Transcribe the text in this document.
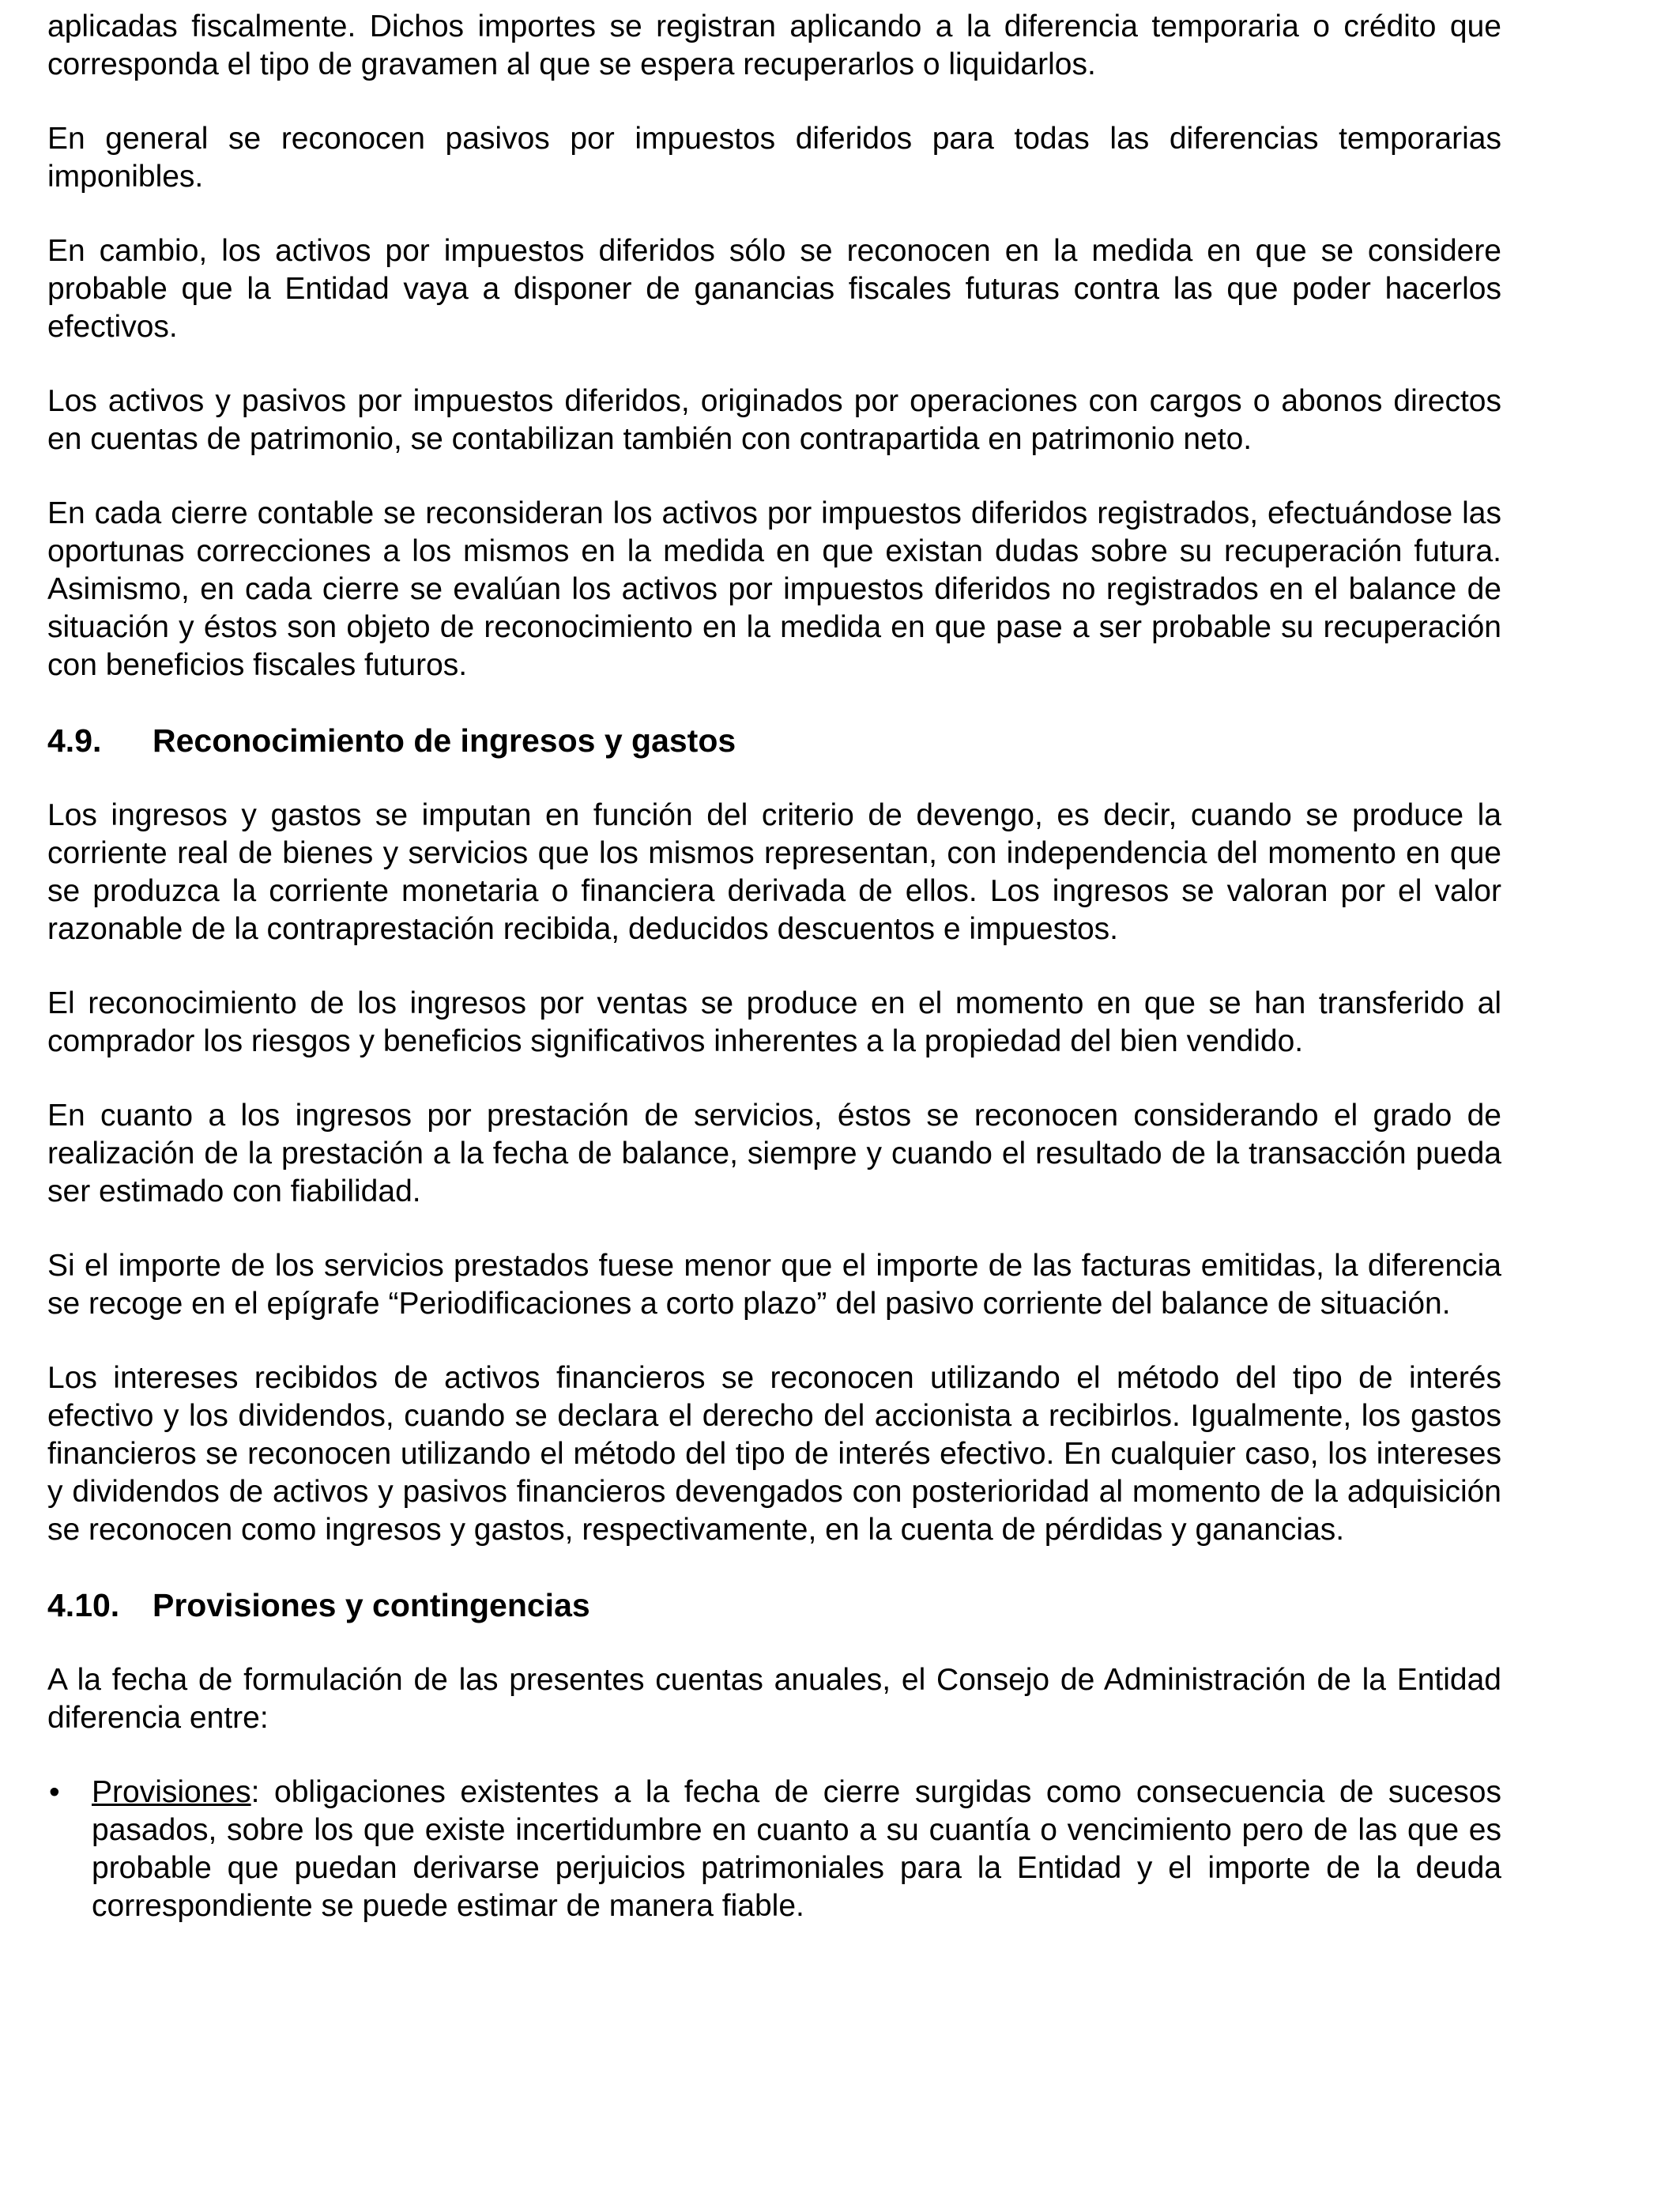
aplicadas fiscalmente. Dichos importes se registran aplicando a la diferencia temporaria o crédito que corresponda el tipo de gravamen al que se espera recuperarlos o liquidarlos.

En general se reconocen pasivos por impuestos diferidos para todas las diferencias temporarias imponibles.

En cambio, los activos por impuestos diferidos sólo se reconocen en la medida en que se considere probable que la Entidad vaya a disponer de ganancias fiscales futuras contra las que poder hacerlos efectivos.

Los activos y pasivos por impuestos diferidos, originados por operaciones con cargos o abonos directos en cuentas de patrimonio, se contabilizan también con contrapartida en patrimonio neto.

En cada cierre contable se reconsideran los activos por impuestos diferidos registrados, efectuándose las oportunas correcciones a los mismos en la medida en que existan dudas sobre su recuperación futura. Asimismo, en cada cierre se evalúan los activos por impuestos diferidos no registrados en el balance de situación y éstos son objeto de reconocimiento en la medida en que pase a ser probable su recuperación con beneficios fiscales futuros.

4.9.	Reconocimiento de ingresos y gastos

Los ingresos y gastos se imputan en función del criterio de devengo, es decir, cuando se produce la corriente real de bienes y servicios que los mismos representan, con independencia del momento en que se produzca la corriente monetaria o financiera derivada de ellos. Los ingresos se valoran por el valor razonable de la contraprestación recibida, deducidos descuentos e impuestos.

El reconocimiento de los ingresos por ventas se produce en el momento en que se han transferido al comprador los riesgos y beneficios significativos inherentes a la propiedad del bien vendido.

En cuanto a los ingresos por prestación de servicios, éstos se reconocen considerando el grado de realización de la prestación a la fecha de balance, siempre y cuando el resultado de la transacción pueda ser estimado con fiabilidad.

Si el importe de los servicios prestados fuese menor que el importe de las facturas emitidas, la diferencia se recoge en el epígrafe “Periodificaciones a corto plazo” del pasivo corriente del balance de situación.

Los intereses recibidos de activos financieros se reconocen utilizando el método del tipo de interés efectivo y los dividendos, cuando se declara el derecho del accionista a recibirlos. Igualmente, los gastos financieros se reconocen utilizando el método del tipo de interés efectivo. En cualquier caso, los intereses y dividendos de activos y pasivos financieros devengados con posterioridad al momento de la adquisición se reconocen como ingresos y gastos, respectivamente, en la cuenta de pérdidas y ganancias.

4.10.	Provisiones y contingencias

A la fecha de formulación de las presentes cuentas anuales, el Consejo de Administración de la Entidad diferencia entre:

•	Provisiones: obligaciones existentes a la fecha de cierre surgidas como consecuencia de sucesos pasados, sobre los que existe incertidumbre en cuanto a su cuantía o vencimiento pero de las que es probable que puedan derivarse perjuicios patrimoniales para la Entidad y el importe de la deuda correspondiente se puede estimar de manera fiable.
